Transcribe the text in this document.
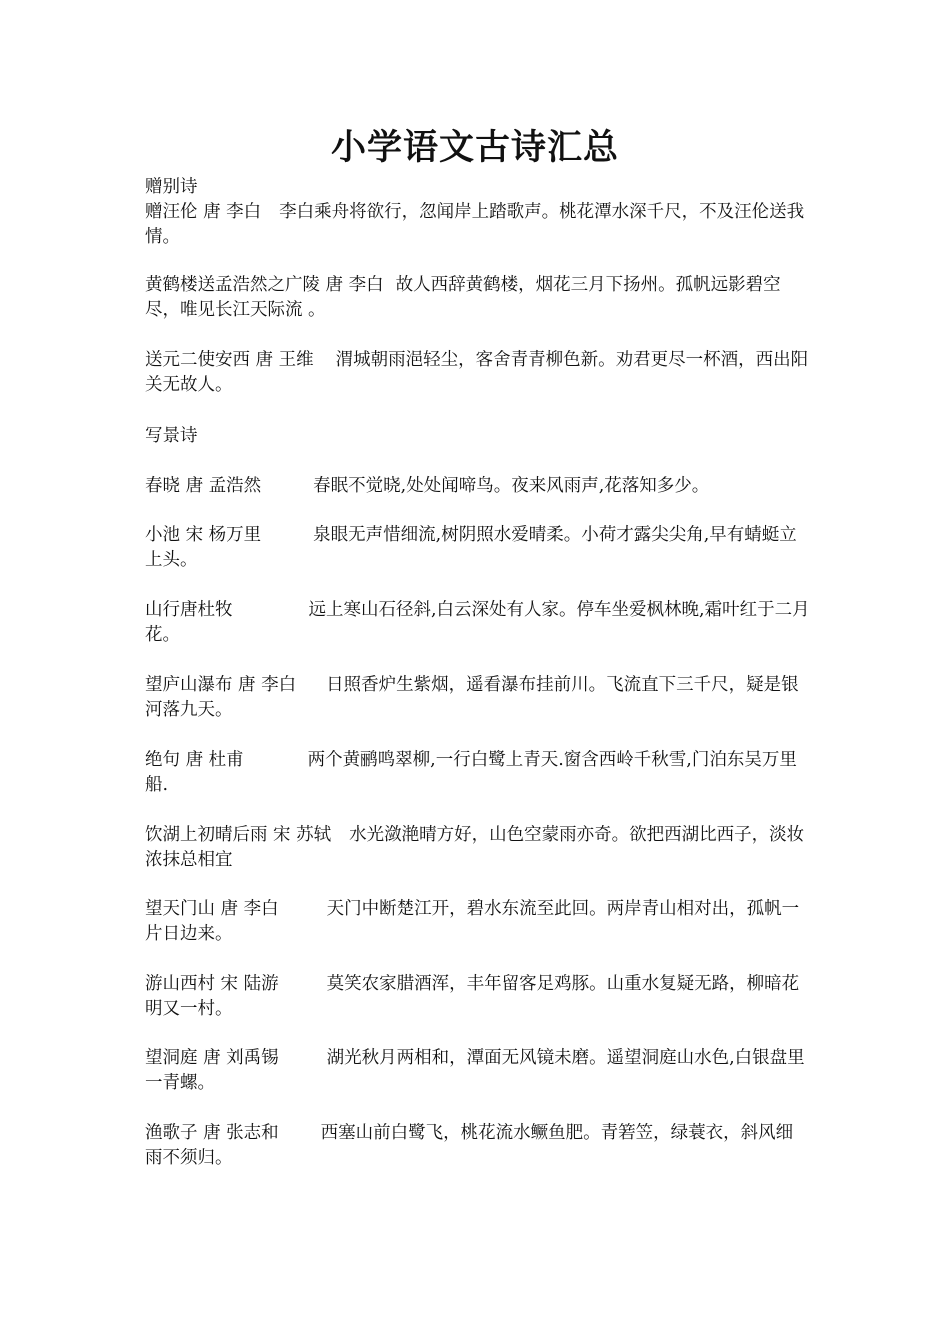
小学语文古诗汇总

赠别诗

赠汪伦 唐 李白 李白乘舟将欲行，忽闻岸上踏歌声。桃花潭水深千尺，不及汪伦送我情。

黄鹤楼送孟浩然之广陵 唐 李白 故人西辞黄鹤楼，烟花三月下扬州。孤帆远影碧空尽，唯见长江天际流 。

送元二使安西 唐 王维 渭城朝雨浥轻尘，客舍青青柳色新。劝君更尽一杯酒，西出阳关无故人。

写景诗

春晓 唐 孟浩然	春眠不觉晓,处处闻啼鸟。夜来风雨声,花落知多少。

小池 宋 杨万里	泉眼无声惜细流,树阴照水爱晴柔。小荷才露尖尖角,早有蜻蜓立上头。

山行唐杜牧	远上寒山石径斜,白云深处有人家。停车坐爱枫林晚,霜叶红于二月花。

望庐山瀑布 唐 李白 日照香炉生紫烟，遥看瀑布挂前川。飞流直下三千尺，疑是银河落九天。

绝句 唐 杜甫	两个黄鹂鸣翠柳,一行白鹭上青天.窗含西岭千秋雪,门泊东吴万里船.

饮湖上初晴后雨 宋 苏轼 水光潋滟晴方好，山色空蒙雨亦奇。欲把西湖比西子，淡妆浓抹总相宜

望天门山 唐 李白	天门中断楚江开，碧水东流至此回。两岸青山相对出，孤帆一片日边来。

游山西村 宋 陆游	莫笑农家腊酒浑，丰年留客足鸡豚。山重水复疑无路，柳暗花明又一村。

望洞庭 唐 刘禹锡	湖光秋月两相和，潭面无风镜未磨。遥望洞庭山水色,白银盘里一青螺。

渔歌子 唐 张志和 西塞山前白鹭飞，桃花流水鳜鱼肥。青箬笠，绿蓑衣，斜风细雨不须归。
